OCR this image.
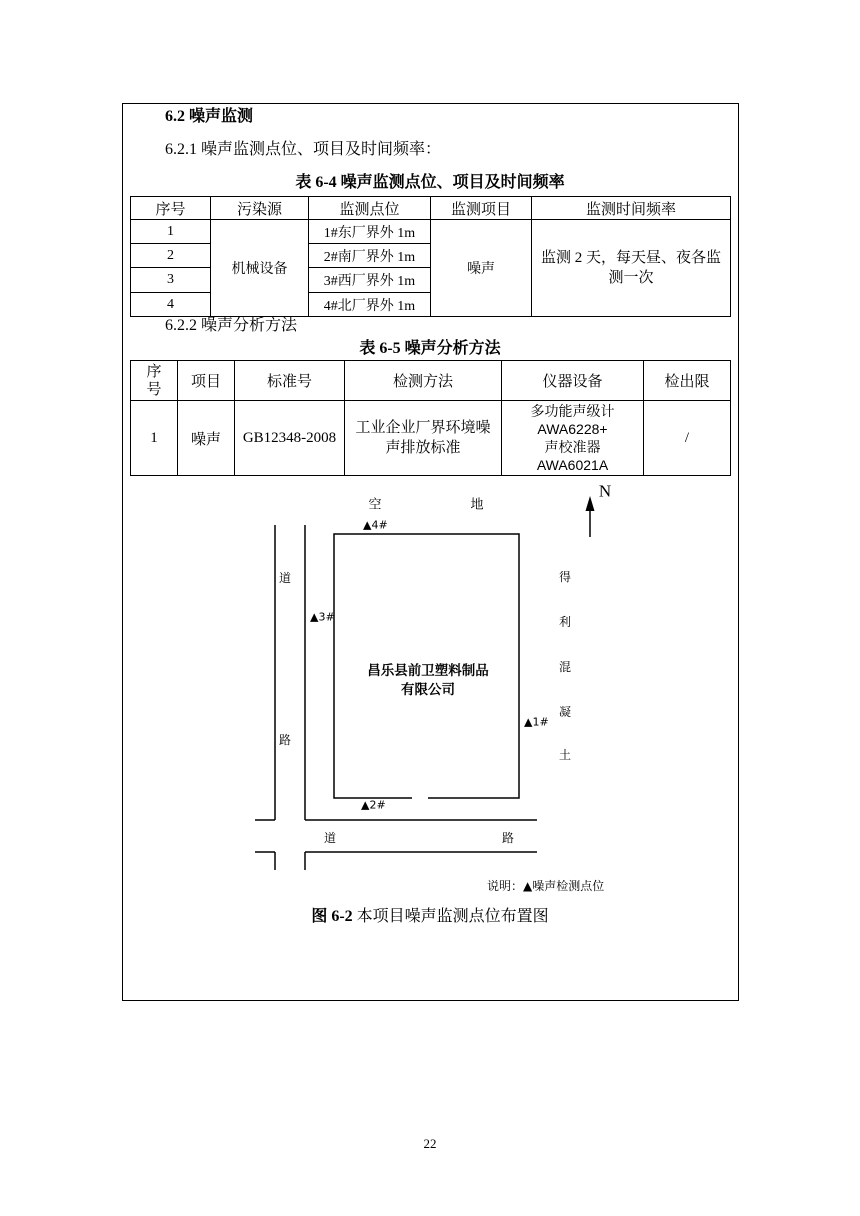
6.2 噪声监测
6.2.1 噪声监测点位、项目及时间频率：
表 6-4 噪声监测点位、项目及时间频率
序号	污染源	监测点位	监测项目	监测时间频率
1	机械设备	1#东厂界外 1m	噪声	监测 2 天，每天昼、夜各监测一次
2		2#南厂界外 1m		
3		3#西厂界外 1m		
4		4#北厂界外 1m		
6.2.2 噪声分析方法
表 6-5 噪声分析方法
序号	项目	标准号	检测方法	仪器设备	检出限
1	噪声	GB12348-2008	工业企业厂界环境噪声排放标准	多功能声级计
AWA6228+
声校准器
AWA6021A	/
N
空	地
道
路
道	路
昌乐县前卫塑料制品
有限公司
得
利
混
凝
土
▲1#
▲2#
▲3#
▲4#
说明：▲噪声检测点位
图 6-2 本项目噪声监测点位布置图
22
